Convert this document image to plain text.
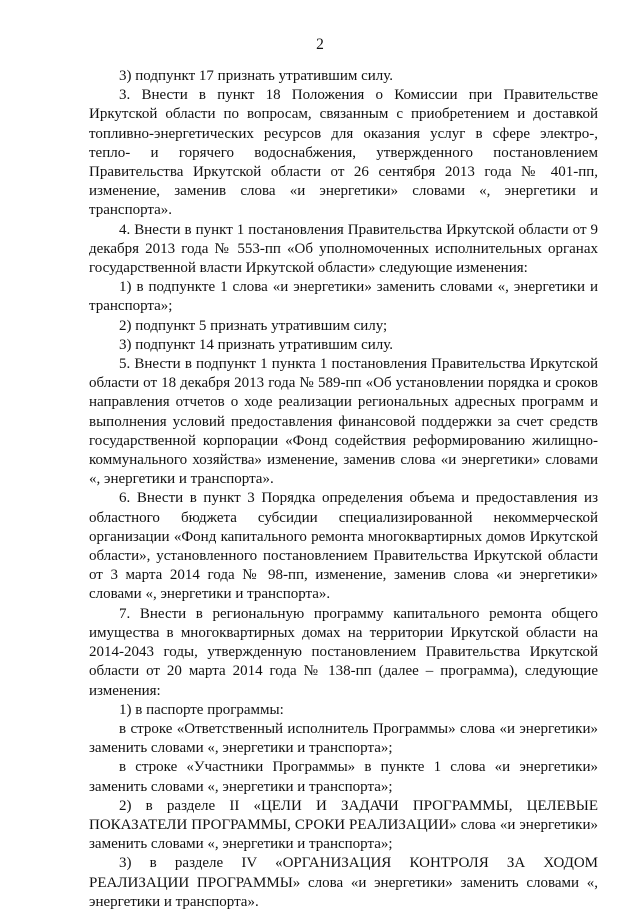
2

3) подпункт 17 признать утратившим силу.

3. Внести в пункт 18 Положения о Комиссии при Правительстве Иркутской области по вопросам, связанным с приобретением и доставкой топливно-энергетических ресурсов для оказания услуг в сфере электро-, тепло- и горячего водоснабжения, утвержденного постановлением Правительства Иркутской области от 26 сентября 2013 года № 401-пп, изменение, заменив слова «и энергетики» словами «, энергетики и транспорта».

4. Внести в пункт 1 постановления Правительства Иркутской области от 9 декабря 2013 года № 553-пп «Об уполномоченных исполнительных органах государственной власти Иркутской области» следующие изменения:

1) в подпункте 1 слова «и энергетики» заменить словами «, энергетики и транспорта»;

2) подпункт 5 признать утратившим силу;

3) подпункт 14 признать утратившим силу.

5. Внести в подпункт 1 пункта 1 постановления Правительства Иркутской области от 18 декабря 2013 года № 589-пп «Об установлении порядка и сроков направления отчетов о ходе реализации региональных адресных программ и выполнения условий предоставления финансовой поддержки за счет средств государственной корпорации «Фонд содействия реформированию жилищно-коммунального хозяйства» изменение, заменив слова «и энергетики» словами «, энергетики и транспорта».

6. Внести в пункт 3 Порядка определения объема и предоставления из областного бюджета субсидии специализированной некоммерческой организации «Фонд капитального ремонта многоквартирных домов Иркутской области», установленного постановлением Правительства Иркутской области от 3 марта 2014 года № 98-пп, изменение, заменив слова «и энергетики» словами «, энергетики и транспорта».

7. Внести в региональную программу капитального ремонта общего имущества в многоквартирных домах на территории Иркутской области на 2014-2043 годы, утвержденную постановлением Правительства Иркутской области от 20 марта 2014 года № 138-пп (далее – программа), следующие изменения:

1) в паспорте программы:

в строке «Ответственный исполнитель Программы» слова «и энергетики» заменить словами «, энергетики и транспорта»;

в строке «Участники Программы» в пункте 1 слова «и энергетики» заменить словами «, энергетики и транспорта»;

2) в разделе II «ЦЕЛИ И ЗАДАЧИ ПРОГРАММЫ, ЦЕЛЕВЫЕ ПОКАЗАТЕЛИ ПРОГРАММЫ, СРОКИ РЕАЛИЗАЦИИ» слова «и энергетики» заменить словами «, энергетики и транспорта»;

3) в разделе IV «ОРГАНИЗАЦИЯ КОНТРОЛЯ ЗА ХОДОМ РЕАЛИЗАЦИИ ПРОГРАММЫ» слова «и энергетики» заменить словами «, энергетики и транспорта».
